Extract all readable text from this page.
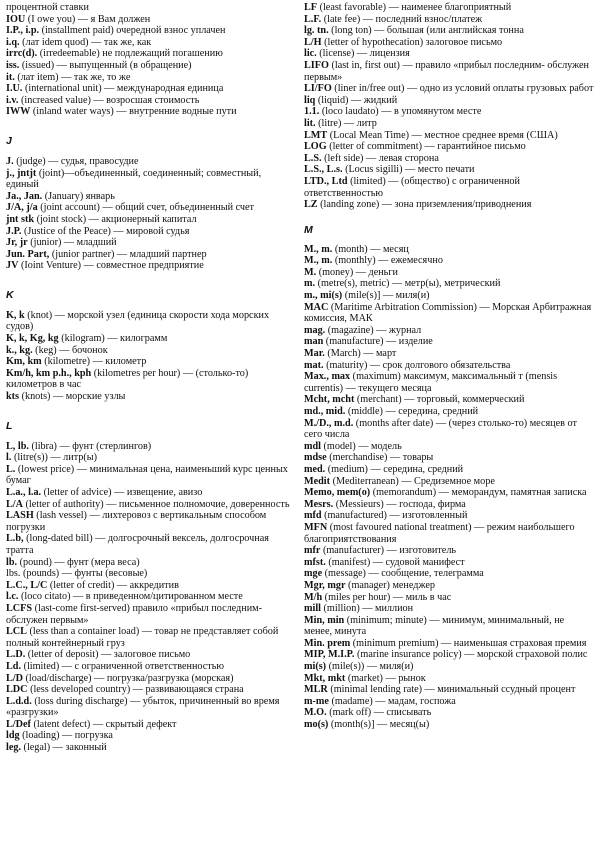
процентной ставки

IOU (I owe you) — я Вам должен

I.P., i.p. (installment paid) очередной взнос уплачен

i.q. (лат idem quod) — так же, как

irrc(d). (irredeemable) не подлежащий погашению

iss. (issued) — выпущенный (в обращение)

it. (лат item) — так же, то же

I.U. (international unit) — международная единица

i.v. (increased value) — возросшая стоимость

IWW (inland water ways) — внутренние водные пути

J

J. (judge) — судья, правосудие

j., jntjt (joint)—объединенный, соединенный; совместный, единый

Ja., Jan. (January) январь

J/A, j/a (joint account) — общий счет, объединенный счет

jnt stk (joint stock) — акционерный капитал

J.P. (Justice of the Peace) — мировой судья

Jr, jr (junior) — младший

Jun. Part, (junior partner) — младший партнер

JV (Ioint Venture) — совместное предприятие

K

K, k (knot) — морской узел (единица скорости хода морских судов)

K, k, Kg, kg (kilogram) — килограмм

k., kg. (keg) — бочонок

Km, km (kilometre) — километр

Km/h, km p.h., kph (kilometres per hour) — (столько-то) километров в час

kts (knots) — морские узлы

L

L, lb. (libra) — фунт (стерлингов)

l. (litre(s)) — литр(ы)

L. (lowest price) — минимальная цена, наименьший курс ценных бумаг

L.a., l.a. (letter of advice) — извещение, авизо

L/A (letter of authority) — письменное полномочие, доверенность

LASH (lash vessel) — лихтеровоз с вертикальным способом погрузки

L.b, (long-dated bill) — долгосрочный вексель, долгосрочная тратта

lb. (pound) — фунт (мера веса)

lbs. (pounds) — фунты (весовые)

L.C., L/C (letter of credit) — аккредитив

l.c. (loco citato) — в приведенном/цитированном месте

LCFS (last-come first-served) правило «прибыл последним-обслужен первым»

LCL (less than a container load) — товар не представляет собой полный контейнерный груз

L.D. (letter of deposit) — залоговое письмо

Ld. (limited) — с ограниченной ответственностью

L/D (load/discharge) — погрузка/разгрузка (морская)

LDC (less developed country) — развивающаяся страна

L.d.d. (loss during discharge) — убыток, причиненный во время «разгрузки»

L/Def (latent defect) — скрытый дефект

ldg (loading) — погрузка

leg. (legal) — законный

LF (least favorable) — наименее благоприятный

L.F. (late fee) — последний взнос/платеж

lg. tn. (long ton) — большая (или английская тонна

L/H (letter of hypothecation) залоговое письмо

lic. (license) — лицензия

LIFO (last in, first out) — правило «прибыл последним- обслужен первым»

LI/FO (liner in/free out) — одно из условий оплаты грузовых работ

liq (liquid) — жидкий

1.1. (loco laudato) — в упомянутом месте

lit. (litre) — литр

LMT (Local Mean Time) — местное среднее время (США)

LOG (letter of commitment) — гарантийное письмо

L.S. (left side) — левая сторона

L.S., L.s. (Locus sigilli) — место печати

LTD., Ltd (limited) — (общество) с ограниченной ответственностью

LZ (landing zone) — зона приземления/приводнения

M

M., m. (month) — месяц

M., m. (monthly) — ежемесячно

M. (money) — деньги

m. (metre(s), metric) — метр(ы), метрический

m., mi(s) (mile(s)] — миля(и)

MAC (Maritime Arbitration Commission) — Морская Арбитражная комиссия, МАК

mag. (magazine) — журнал

man (manufacture) — изделие

Mar. (March) — март

mat. (maturity) — срок долгового обязательства

Max., max (maximum) максимум, максимальный т (mensis currentis) — текущего месяца

Mcht, mcht (merchant) — торговый, коммерческий

md., mid. (middle) — середина, средний

M./D., m.d. (months after date) — (через столько-то) месяцев от сего числа

mdl (model) — модель

mdse (merchandise) — товары

med. (medium) — середина, средний

Medit (Mediterranean) — Средиземное море

Memo, mem(o) (memorandum) — меморандум, памятная записка

Mesrs. (Messieurs) — господа, фирма

mfd (manufactured) — изготовленный

MFN (most favoured national treatment) — режим наибольшего благоприятствования

mfr (manufacturer) — изготовитель

mfst. (manifest) — судовой манифест

mge (message) — сообщение, телеграмма

Mgr, mgr (manager) менеджер

M/h (miles per hour) — миль в час

mill (million) — миллион

Min, min (minimum; minute) — минимум, минимальный, не менее, минута

Min. prem (minimum premium) — наименьшая страховая премия

MIP, M.I.P. (marine insurance policy) — морской страховой полис

mi(s) (mile(s)) — миля(и)

Mkt, mkt (market) — рынок

MLR (minimal lending rate) — минимальный ссудный процент

m-me (madame) — мадам, госпожа

M.O. (mark off) — списывать

mo(s) (month(s)] — месяц(ы)
